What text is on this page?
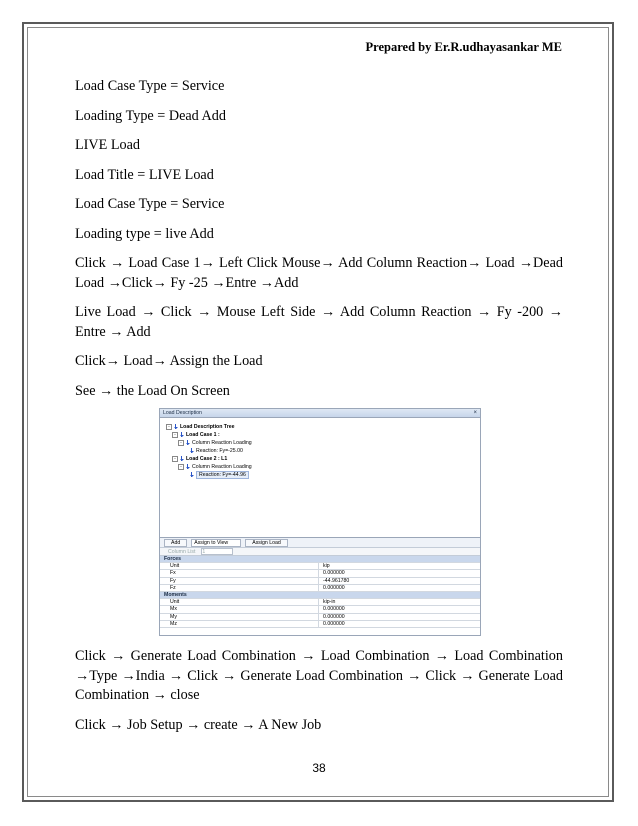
Prepared by Er.R.udhayasankar ME

Load Case Type = Service

Loading Type = Dead Add

LIVE Load

Load Title = LIVE Load

Load Case Type = Service

Loading type = live Add

Click → Load Case 1→ Left Click Mouse→ Add Column Reaction→ Load →Dead Load →Click→ Fy -25 →Entre →Add

Live Load → Click → Mouse Left Side → Add Column Reaction → Fy -200 → Entre → Add

Click→ Load→ Assign the Load

See → the Load On Screen

Load Description	×
− Load Description Tree
− Load Case 1 :
− Column Reaction Loading
Reaction: Fy=-25.00
− Load Case 2 : L1
− Column Reaction Loading
Reaction: Fy=-44.96
Add	Assign to View	Assign Load
Column List 1
Forces	
Unit	kip
Fx	0.000000
Fy	-44.961780
Fz	0.000000
Moments	
Unit	kip-in
Mx	0.000000
My	0.000000
Mz	0.000000

Click → Generate Load Combination → Load Combination → Load Combination →Type →India → Click → Generate Load Combination → Click → Generate Load Combination → close

Click → Job Setup → create → A New Job

38
